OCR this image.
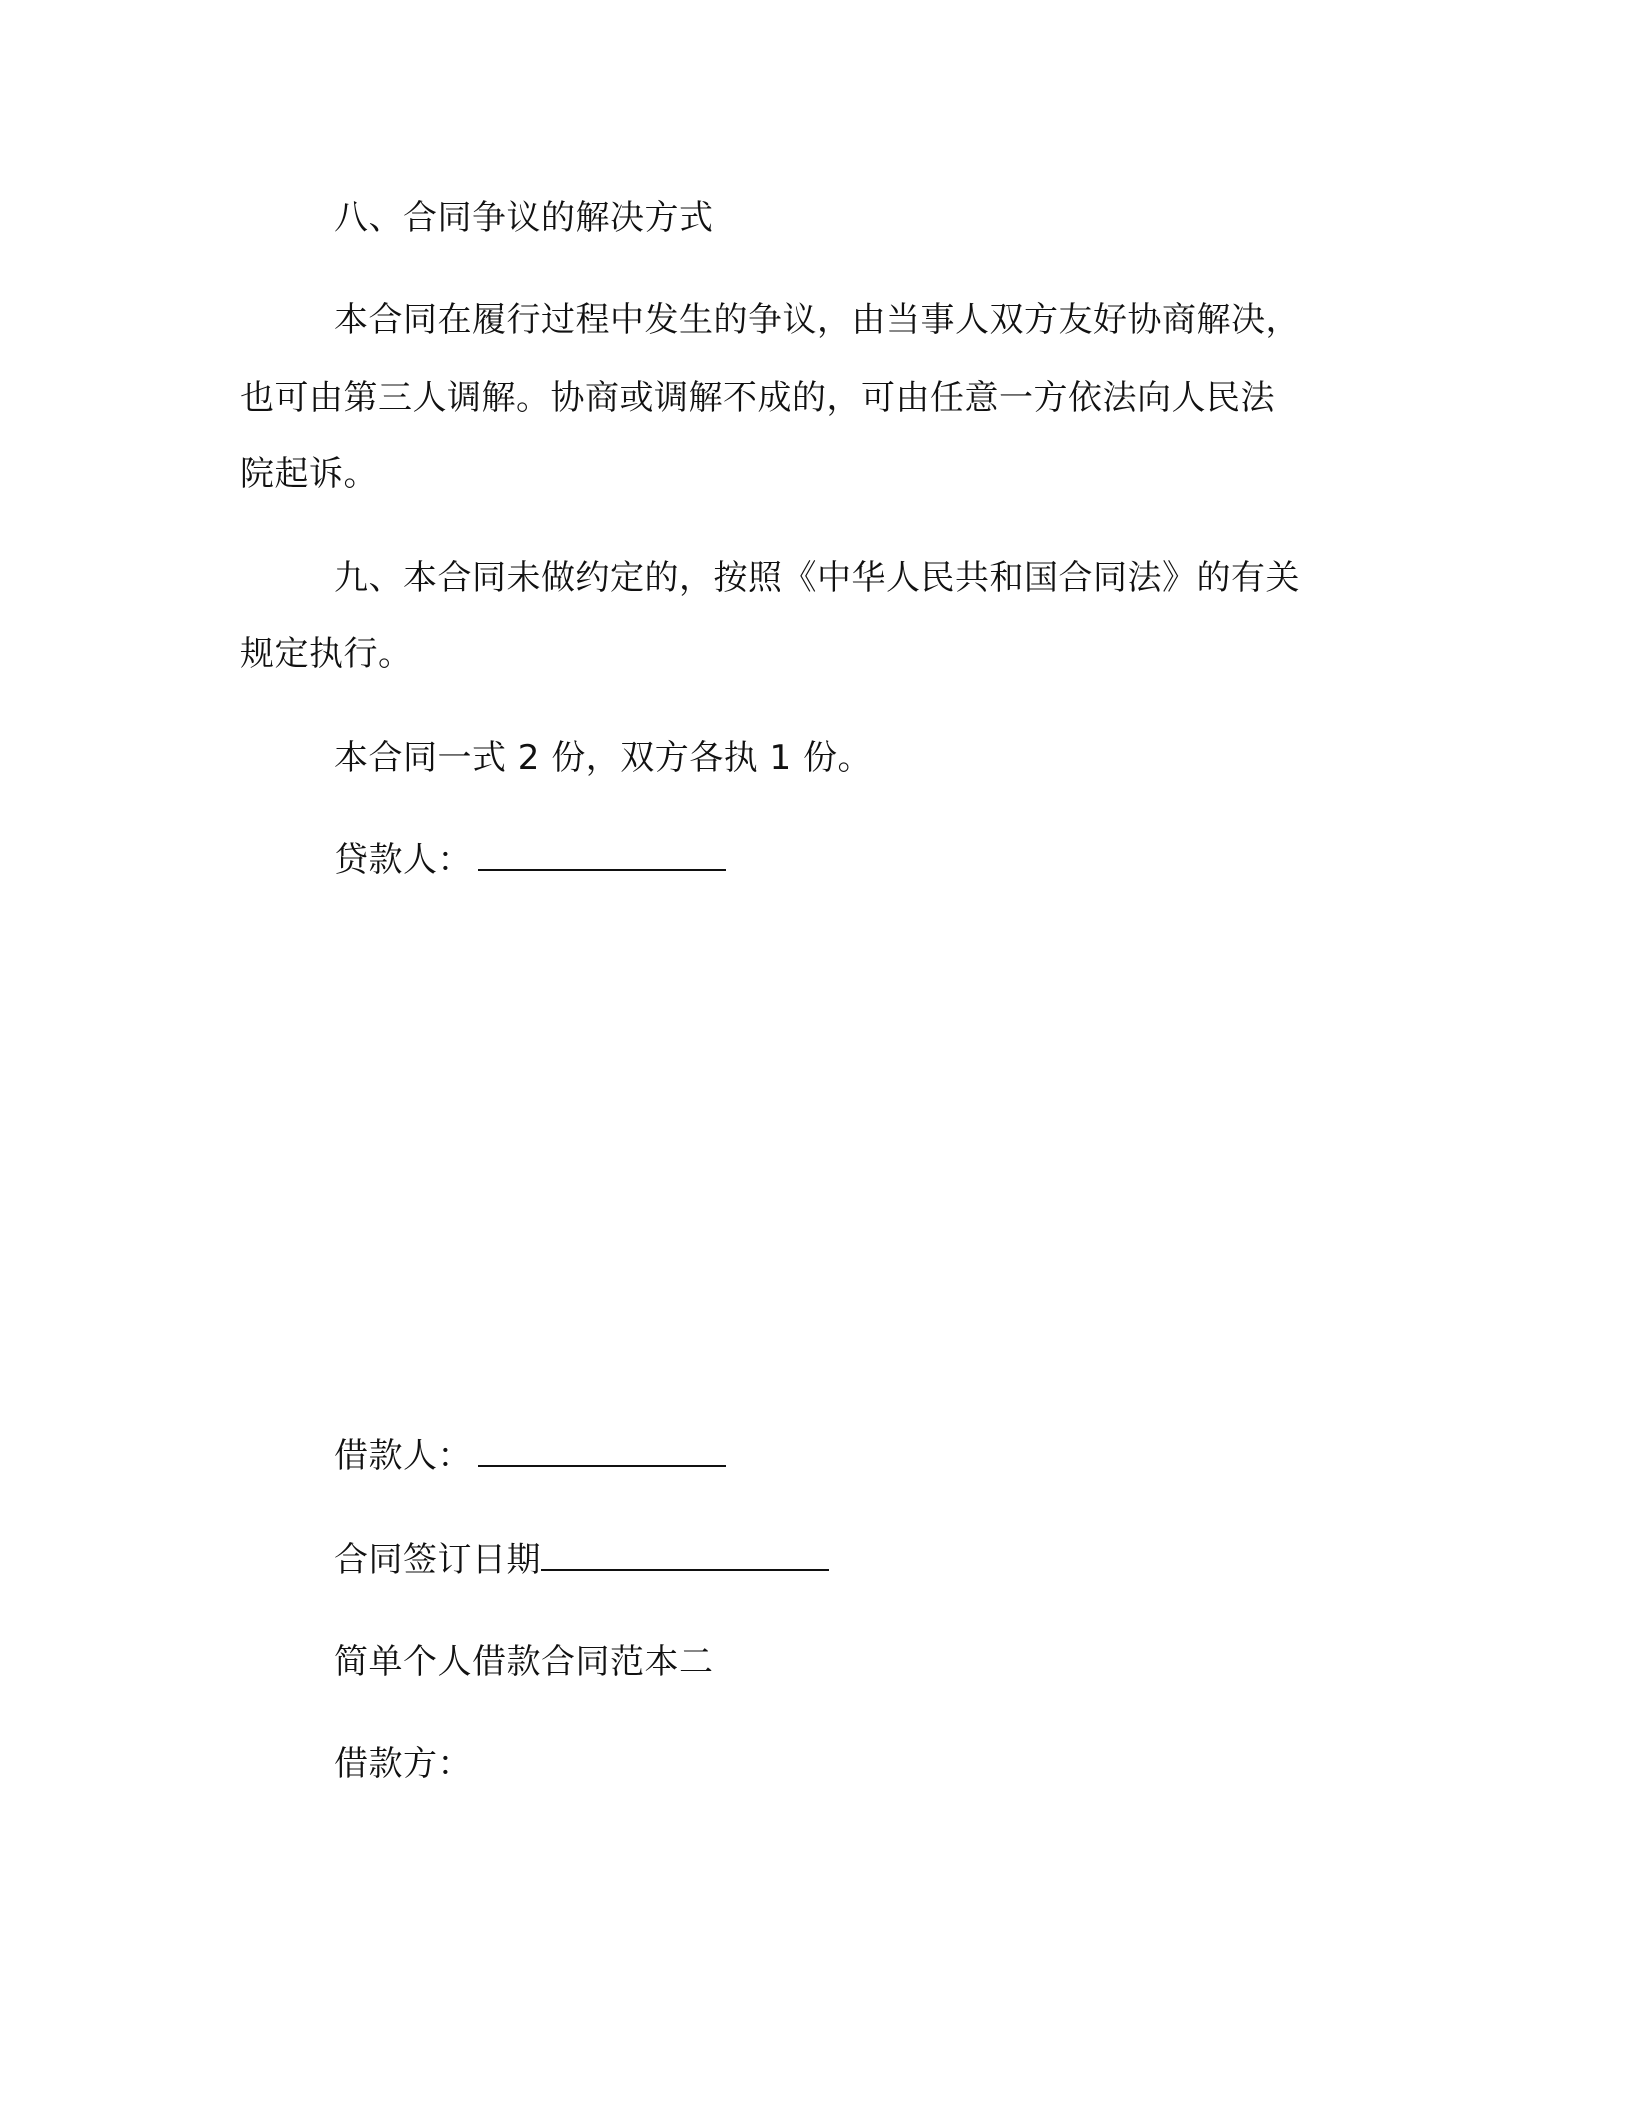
八、合同争议的解决方式
本合同在履行过程中发生的争议，由当事人双方友好协商解决，
也可由第三人调解。协商或调解不成的，可由任意一方依法向人民法
院起诉。
九、本合同未做约定的，按照《中华人民共和国合同法》的有关
规定执行。
本合同一式 2 份，双方各执 1 份。
贷款人：
借款人：
合同签订日期
简单个人借款合同范本二
借款方：
